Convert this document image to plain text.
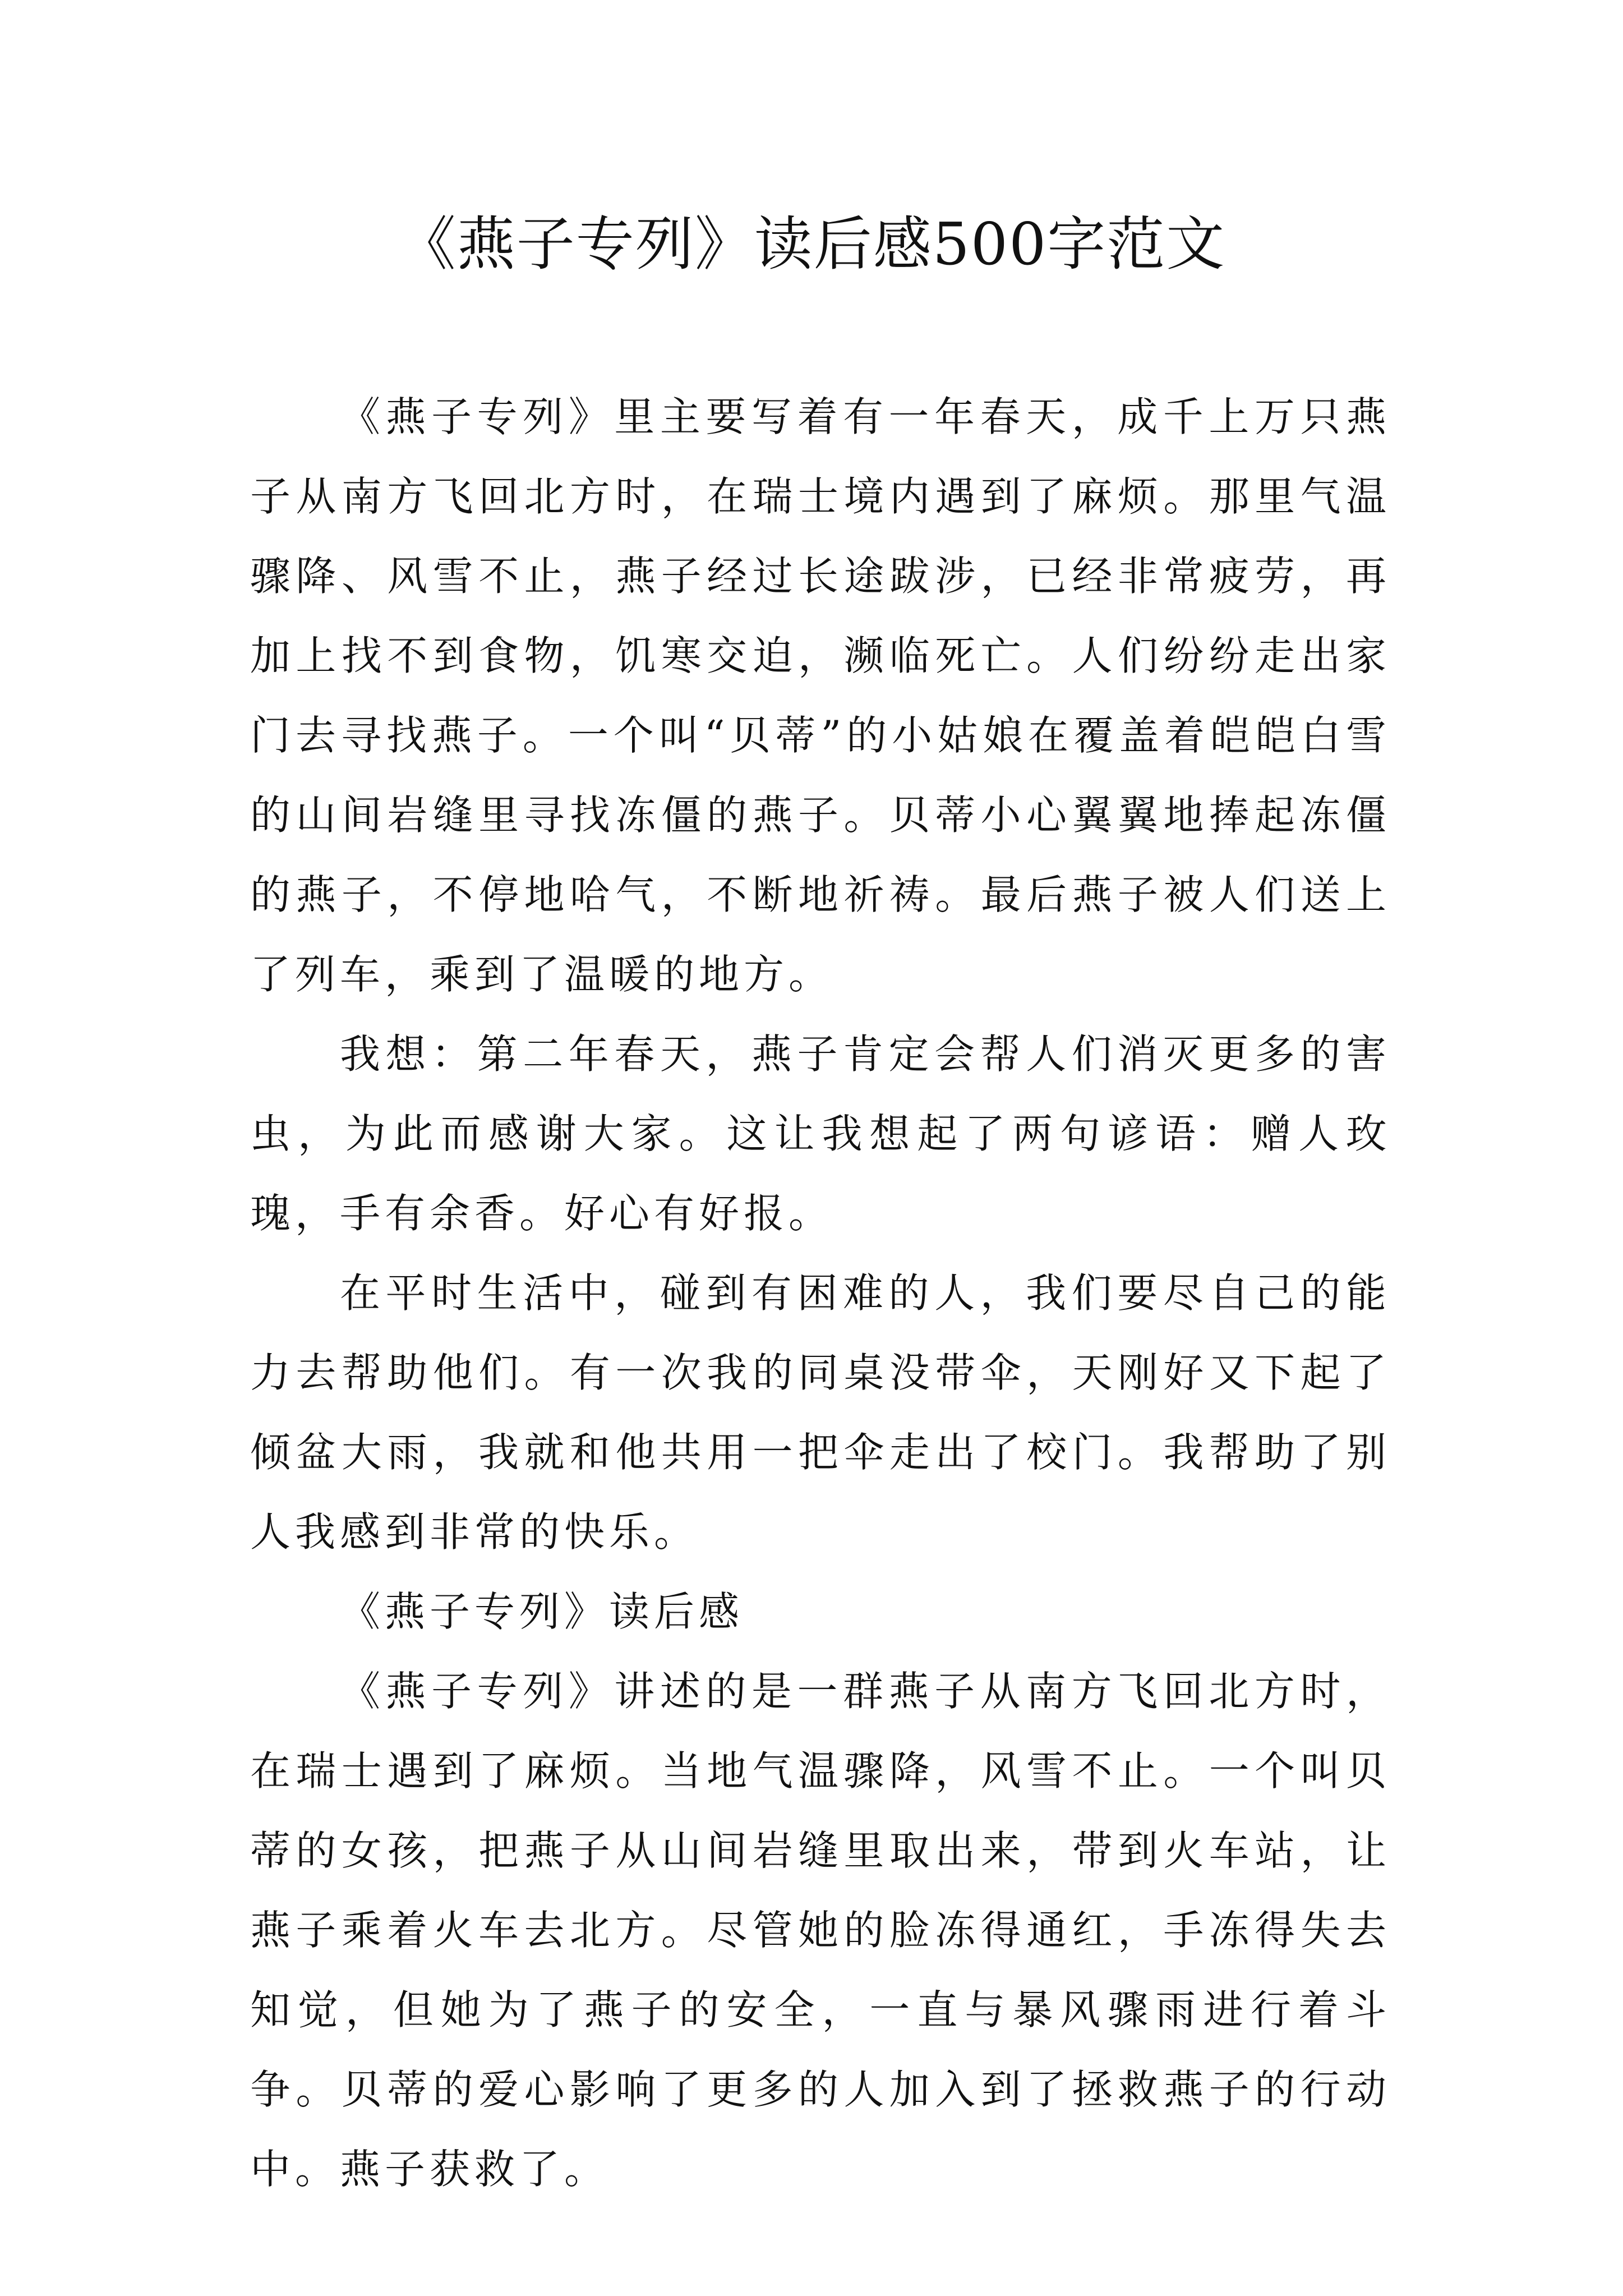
《燕子专列》读后感500字范文

《燕子专列》里主要写着有一年春天，成千上万只燕子从南方飞回北方时，在瑞士境内遇到了麻烦。那里气温骤降、风雪不止，燕子经过长途跋涉，已经非常疲劳，再加上找不到食物，饥寒交迫，濒临死亡。人们纷纷走出家门去寻找燕子。一个叫“贝蒂”的小姑娘在覆盖着皑皑白雪的山间岩缝里寻找冻僵的燕子。贝蒂小心翼翼地捧起冻僵的燕子，不停地哈气，不断地祈祷。最后燕子被人们送上了列车，乘到了温暖的地方。

我想：第二年春天，燕子肯定会帮人们消灭更多的害虫，为此而感谢大家。这让我想起了两句谚语：赠人玫瑰，手有余香。好心有好报。

在平时生活中，碰到有困难的人，我们要尽自己的能力去帮助他们。有一次我的同桌没带伞，天刚好又下起了倾盆大雨，我就和他共用一把伞走出了校门。我帮助了别人我感到非常的快乐。

《燕子专列》读后感

《燕子专列》讲述的是一群燕子从南方飞回北方时，在瑞士遇到了麻烦。当地气温骤降，风雪不止。一个叫贝蒂的女孩，把燕子从山间岩缝里取出来，带到火车站，让燕子乘着火车去北方。尽管她的脸冻得通红，手冻得失去知觉，但她为了燕子的安全，一直与暴风骤雨进行着斗争。贝蒂的爱心影响了更多的人加入到了拯救燕子的行动中。燕子获救了。
